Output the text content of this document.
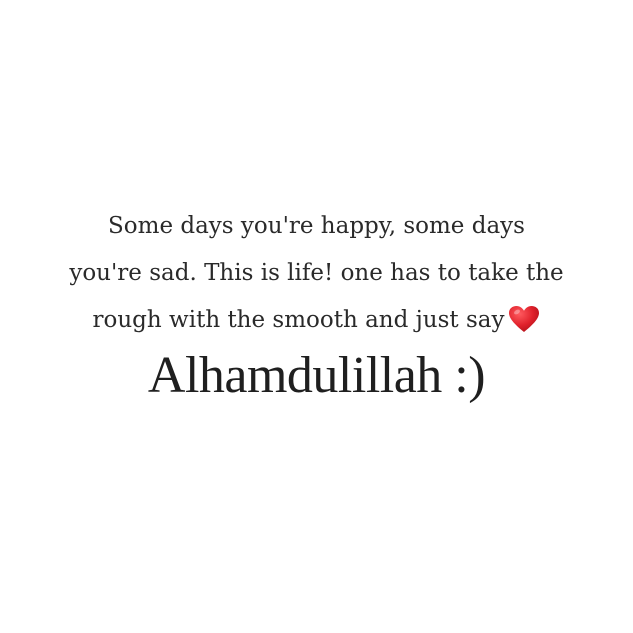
Some days you're happy, some days
you're sad. This is life! one has to take the
rough with the smooth and just say
Alhamdulillah :)
